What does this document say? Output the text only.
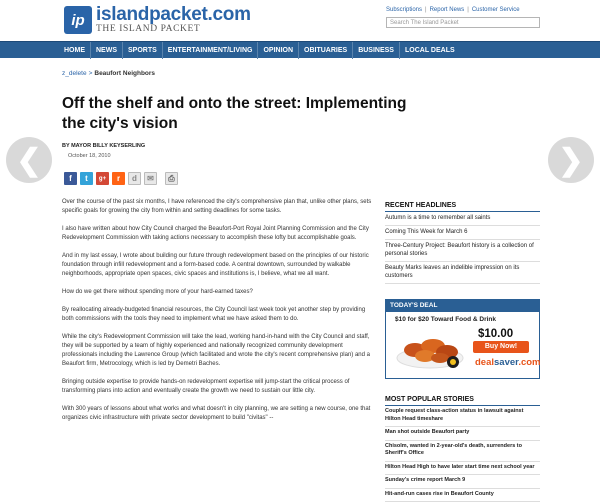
ip islandpacket.com
THE ISLAND PACKET
Subscriptions | Report News | Customer Service
Search The Island Packet
HOME	NEWS	SPORTS	ENTERTAINMENT/LIVING	OPINION	OBITUARIES	BUSINESS	LOCAL DEALS
z_delete > Beaufort Neighbors
❮	❯
Off the shelf and onto the street: Implementing the city's vision
BY MAYOR BILLY KEYSERLING
October 18, 2010
f	t	g+	r	d	✉	⎙

Over the course of the past six months, I have referenced the city's comprehensive plan that, unlike other plans, sets specific goals for growing the city from within and setting deadlines for some tasks.

I also have written about how City Council charged the Beaufort-Port Royal Joint Planning Commission and the City Redevelopment Commission with taking actions necessary to accomplish these lofty but accomplishable goals.

And in my last essay, I wrote about building our future through redevelopment based on the principles of our historic foundation through infill redevelopment and a form-based code. A central downtown, surrounded by walkable neighborhoods, appropriate open spaces, civic spaces and institutions is, I believe, what we all want.

How do we get there without spending more of your hard-earned taxes?

By reallocating already-budgeted financial resources, the City Council last week took yet another step by providing both commissions with the tools they need to implement what we have asked them to do.

While the city's Redevelopment Commission will take the lead, working hand-in-hand with the City Council and staff, they will be supported by a team of highly experienced and nationally recognized community development professionals including the Lawrence Group (which facilitated and wrote the city's recent comprehensive plan) and a Beaufort firm, Metrocology, which is led by Demetri Baches.

Bringing outside expertise to provide hands-on redevelopment expertise will jump-start the critical process of transforming plans into action and eventually create the growth we need to sustain our little city.

With 300 years of lessons about what works and what doesn't in city planning, we are setting a new course, one that organizes civic infrastructure with private sector development to build "civitas" --

RECENT HEADLINES
Autumn is a time to remember all saints
Coming This Week for March 6
Three-Century Project: Beaufort history is a collection of personal stories
Beauty Marks leaves an indelible impression on its customers
TODAY'S DEAL
$10 for $20 Toward Food & Drink
$10.00
Buy Now!
dealsaver.com
MOST POPULAR STORIES
Couple request class-action status in lawsuit against Hilton Head timeshare
Man shot outside Beaufort party
Chisolm, wanted in 2-year-old's death, surrenders to Sheriff's Office
Hilton Head High to have later start time next school year
Sunday's crime report March 9
Hit-and-run cases rise in Beaufort County
